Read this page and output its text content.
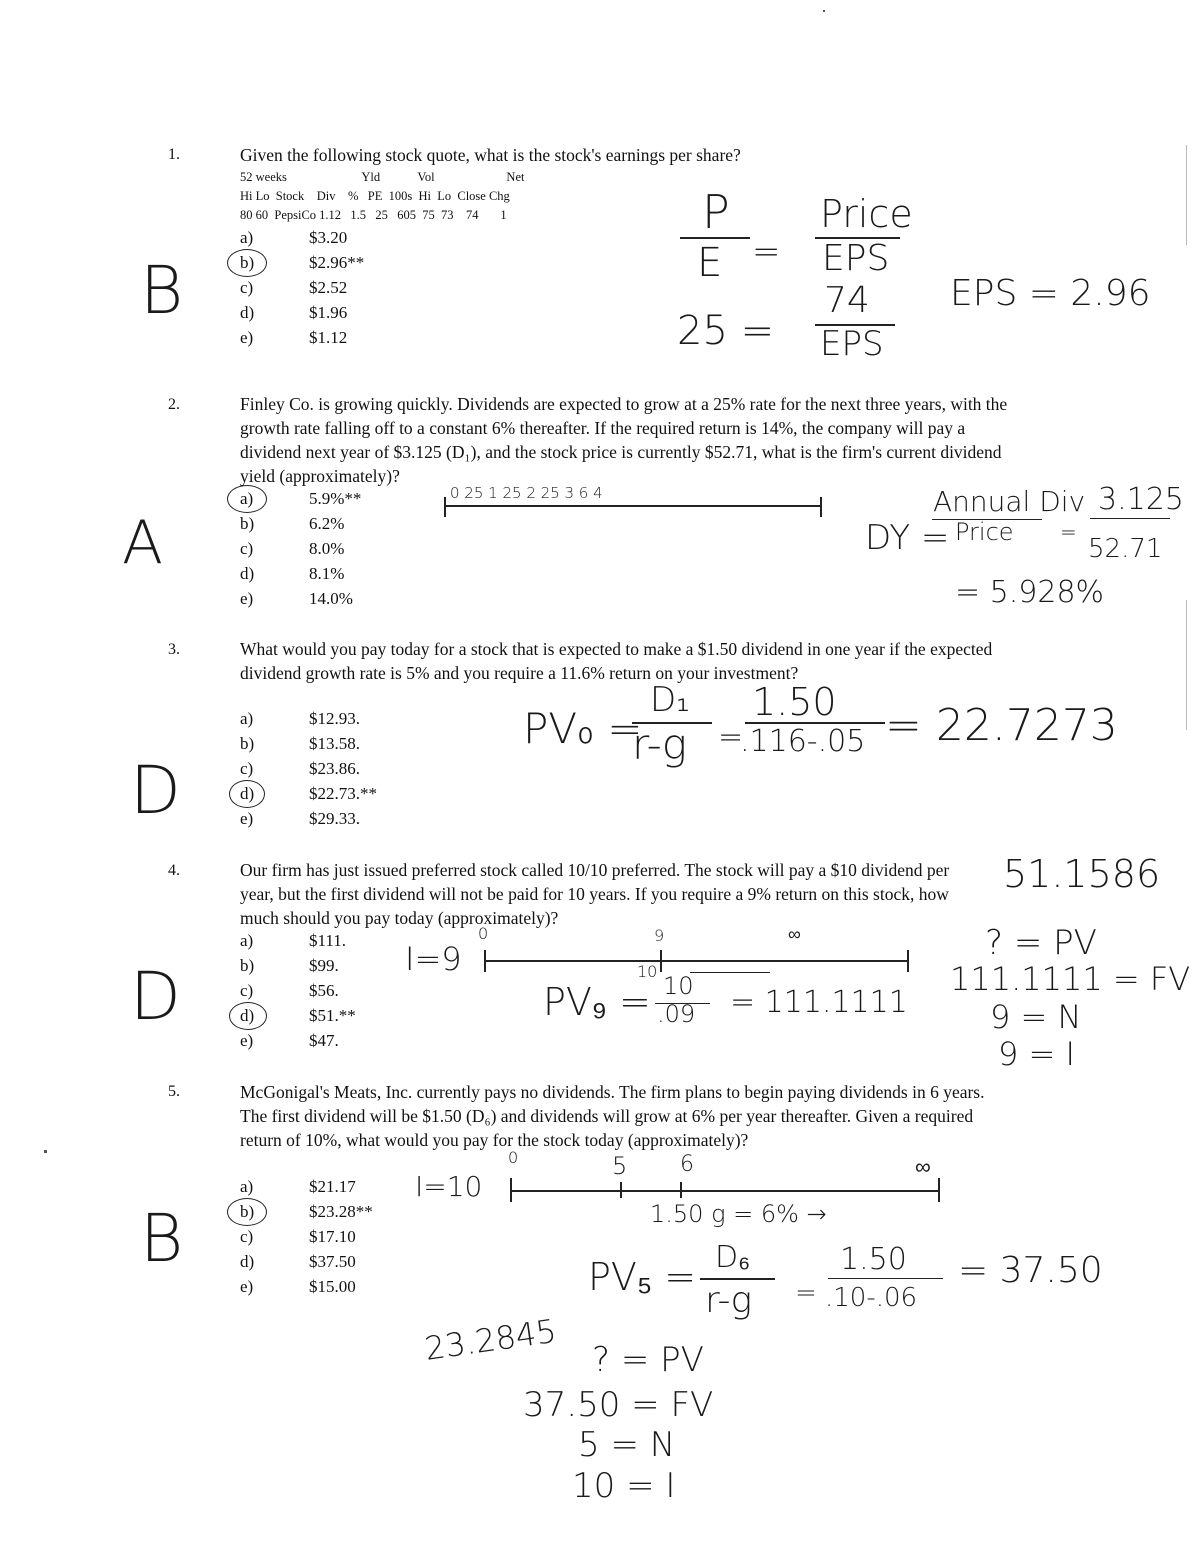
1.	Given the following stock quote, what is the stock's earnings per share?
52 weeks                        Yld            Vol                       Net
Hi Lo  Stock    Div    %   PE  100s  Hi  Lo  Close Chg
80 60  PepsiCo 1.12   1.5   25   605  75  73    74       1
a)	$3.20
b)	$2.96**
c)	$2.52
d)	$1.96
e)	$1.12
B
P
E =
Price
EPS
25 =
74
EPS
EPS = 2.96
2.	Finley Co. is growing quickly. Dividends are expected to grow at a 25% rate for the next three years, with the growth rate falling off to a constant 6% thereafter. If the required return is 14%, the company will pay a dividend next year of $3.125 (D₁), and the stock price is currently $52.71, what is the firm's current dividend yield (approximately)?
a)	5.9%**
b)	6.2%
c)	8.0%
d)	8.1%
e)	14.0%
A
0 25 1 25 2 25 3 6 4
DY =
Annual Div
Price =
3.125
52.71
= 5.928%
3.	What would you pay today for a stock that is expected to make a $1.50 dividend in one year if the expected dividend growth rate is 5% and you require a 11.6% return on your investment?
a)	$12.93.
b)	$13.58.
c)	$23.86.
d)	$22.73.**
e)	$29.33.
D
PV₀ =
D₁
r-g =
1.50
.116-.05 = 22.7273
4.	Our firm has just issued preferred stock called 10/10 preferred. The stock will pay a $10 dividend per year, but the first dividend will not be paid for 10 years. If you require a 9% return on this stock, how much should you pay today (approximately)?
a)	$111.
b)	$99.
c)	$56.
d)	$51.**
e)	$47.
D
51.1586
I=9
0	9	∞
10
PV₉ = 10
.09 = 111.1111
? = PV
111.1111 = FV
9 = N
9 = I
5.	McGonigal's Meats, Inc. currently pays no dividends. The firm plans to begin paying dividends in 6 years. The first dividend will be $1.50 (D₆) and dividends will grow at 6% per year thereafter. Given a required return of 10%, what would you pay for the stock today (approximately)?
a)	$21.17
b)	$23.28**
c)	$17.10
d)	$37.50
e)	$15.00
B
I=10
0	5 6	∞
1.50 g = 6% →
PV₅ = D₆
r-g =
1.50
.10-.06
= 37.50
23.2845 ? = PV
37.50 = FV
5 = N
10 = I
